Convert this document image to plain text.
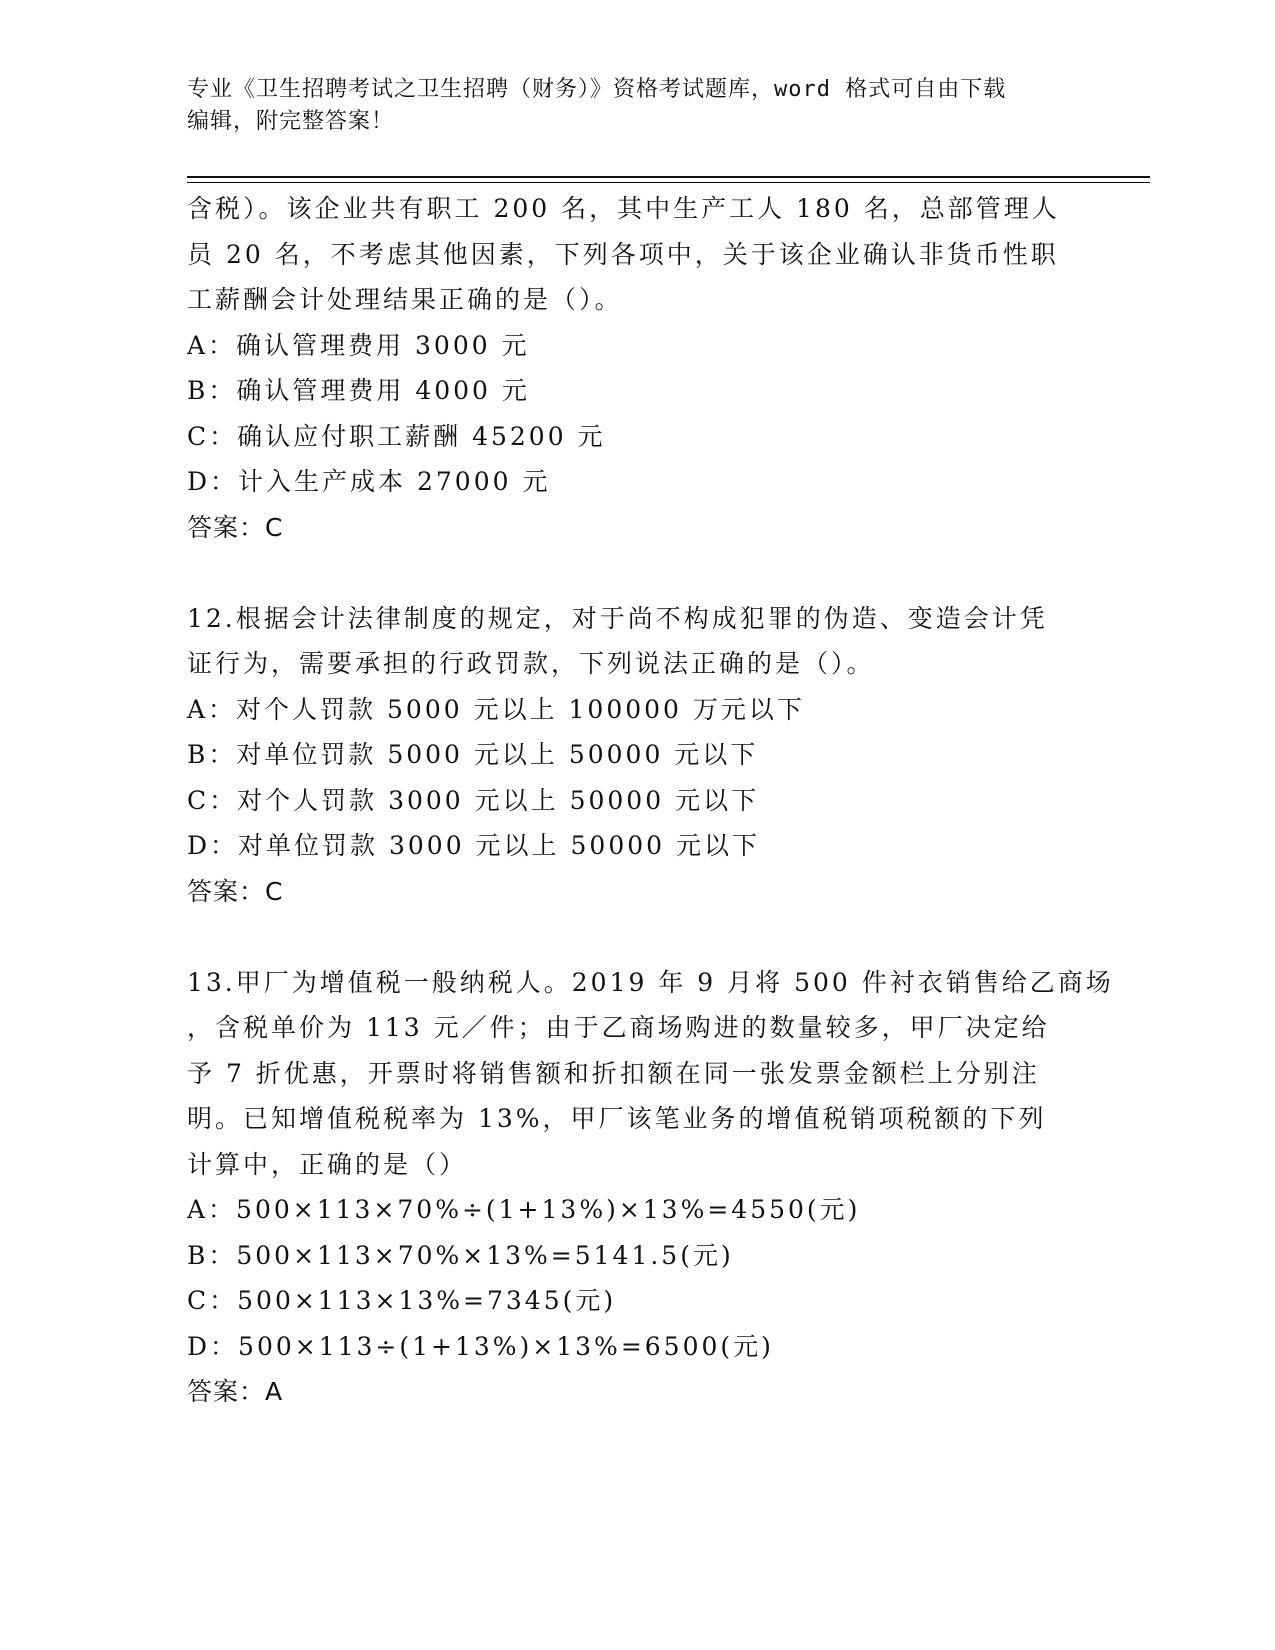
专业《卫生招聘考试之卫生招聘（财务）》资格考试题库，word 格式可自由下载
编辑，附完整答案！
含税）。该企业共有职工 200 名，其中生产工人 180 名，总部管理人
员 20 名，不考虑其他因素，下列各项中，关于该企业确认非货币性职
工薪酬会计处理结果正确的是（）。
A：确认管理费用 3000 元
B：确认管理费用 4000 元
C：确认应付职工薪酬 45200 元
D：计入生产成本 27000 元
答案：C
12.根据会计法律制度的规定，对于尚不构成犯罪的伪造、变造会计凭
证行为，需要承担的行政罚款，下列说法正确的是（）。
A：对个人罚款 5000 元以上 100000 万元以下
B：对单位罚款 5000 元以上 50000 元以下
C：对个人罚款 3000 元以上 50000 元以下
D：对单位罚款 3000 元以上 50000 元以下
答案：C
13.甲厂为增值税一般纳税人。2019 年 9 月将 500 件衬衣销售给乙商场
，含税单价为 113 元／件；由于乙商场购进的数量较多，甲厂决定给
予 7 折优惠，开票时将销售额和折扣额在同一张发票金额栏上分别注
明。已知增值税税率为 13%，甲厂该笔业务的增值税销项税额的下列
计算中，正确的是（）
A：500×113×70%÷(1+13%)×13%=4550(元)
B：500×113×70%×13%=5141.5(元)
C：500×113×13%=7345(元)
D：500×113÷(1+13%)×13%=6500(元)
答案：A
